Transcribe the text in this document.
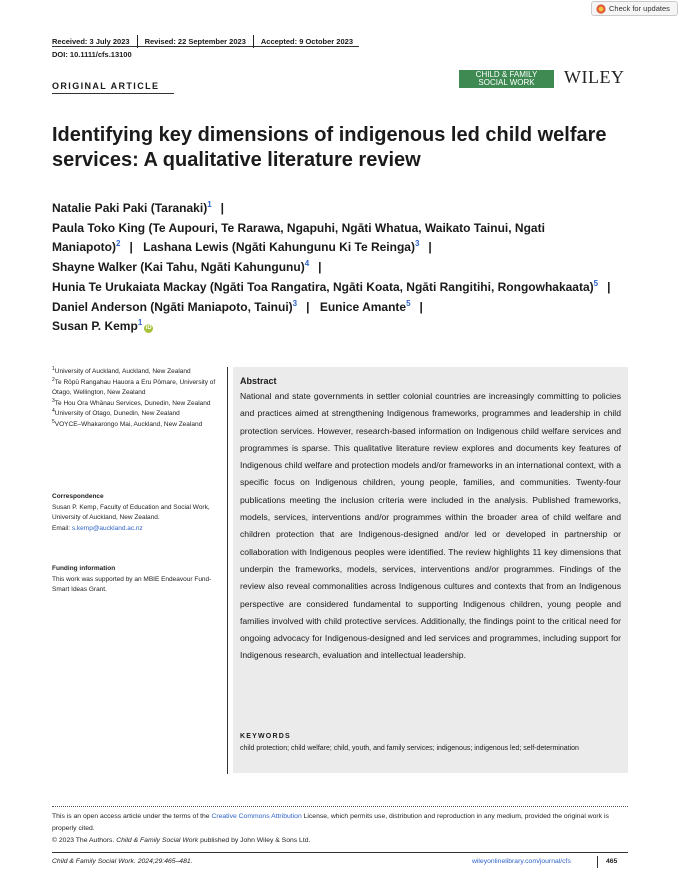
Check for updates
Received: 3 July 2023 Revised: 22 September 2023 Accepted: 9 October 2023
DOI: 10.1111/cfs.13100
ORIGINAL ARTICLE
CHILD & FAMILY
SOCIAL WORK	WILEY
Identifying key dimensions of indigenous led child welfare services: A qualitative literature review
Natalie Paki Paki (Taranaki)$^1$ |
Paula Toko King (Te Aupouri, Te Rarawa, Ngapuhi, Ngāti Whatua, Waikato Tainui, Ngati Maniapoto)$^2$ | Lashana Lewis (Ngāti Kahungunu Ki Te Reinga)$^3$ |
Shayne Walker (Kai Tahu, Ngāti Kahungunu)$^4$ |
Hunia Te Urukaiata Mackay (Ngāti Toa Rangatira, Ngāti Koata, Ngāti Rangitihi, Rongowhakaata)$^5$ | Daniel Anderson (Ngāti Maniapoto, Tainui)$^3$ | Eunice Amante$^5$ |
Susan P. Kemp$^1$iD
$^1$University of Auckland, Auckland, New Zealand
$^2$Te Rōpū Rangahau Hauora a Eru Pōmare, University of Otago, Wellington, New Zealand
$^3$Te Hou Ora Whānau Services, Dunedin, New Zealand
$^4$University of Otago, Dunedin, New Zealand
$^5$VOYCE–Whakarongo Mai, Auckland, New Zealand
Correspondence
Susan P. Kemp, Faculty of Education and Social Work, University of Auckland, New Zealand.
Email: s.kemp@auckland.ac.nz
Funding information
This work was supported by an MBIE Endeavour Fund-Smart Ideas Grant.
Abstract
National and state governments in settler colonial countries are increasingly committing to policies and practices aimed at strengthening Indigenous frameworks, programmes and leadership in child protection services. However, research-based information on Indigenous child welfare services and programmes is sparse. This qualitative literature review explores and documents key features of Indigenous child welfare and protection models and/or frameworks in an international context, with a specific focus on Indigenous children, young people, families, and communities. Twenty-four publications meeting the inclusion criteria were included in the analysis. Published frameworks, models, services, interventions and/or programmes within the broader area of child welfare and children protection that are Indigenous-designed and/or led or developed in partnership or collaboration with Indigenous peoples were identified. The review highlights 11 key dimensions that underpin the frameworks, models, services, interventions and/or programmes. Findings of the review also reveal commonalities across Indigenous cultures and contexts that from an Indigenous perspective are considered fundamental to supporting Indigenous children, young people and families involved with child protective services. Additionally, the findings point to the critical need for ongoing advocacy for Indigenous-designed and led services and programmes, including support for Indigenous research, evaluation and intellectual leadership.
KEYWORDS
child protection; child welfare; child, youth, and family services; indigenous; indigenous led; self-determination
This is an open access article under the terms of the Creative Commons Attribution License, which permits use, distribution and reproduction in any medium, provided the original work is properly cited.
© 2023 The Authors. Child & Family Social Work published by John Wiley & Sons Ltd.
Child & Family Social Work. 2024;29:465–481.	wileyonlinelibrary.com/journal/cfs	465
